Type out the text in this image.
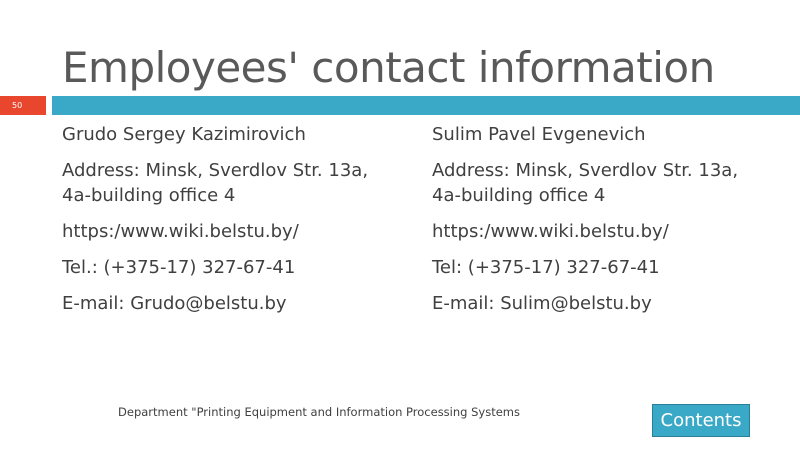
Employees' contact information
50

Grudo Sergey Kazimirovich

Address: Minsk, Sverdlov Str. 13a, 4a-building office 4

https:/www.wiki.belstu.by/

Tel.: (+375-17) 327-67-41

E-mail: Grudo@belstu.by

Sulim Pavel Evgenevich

Address: Minsk, Sverdlov Str. 13a, 4a-building office 4

https:/www.wiki.belstu.by/

Tel: (+375-17) 327-67-41

E-mail: Sulim@belstu.by

Department "Printing Equipment and Information Processing Systems	Contents
